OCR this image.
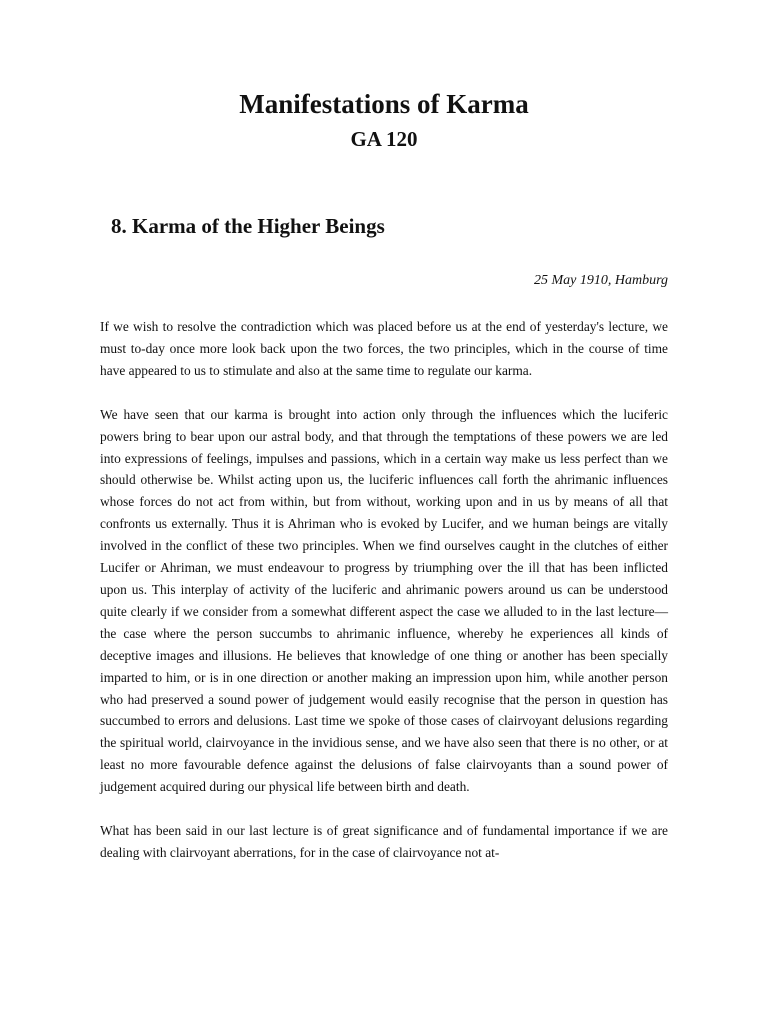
Manifestations of Karma
GA 120
8. Karma of the Higher Beings

25 May 1910, Hamburg

If we wish to resolve the contradiction which was placed before us at the end of yesterday's lecture, we must to-day once more look back upon the two forces, the two principles, which in the course of time have appeared to us to stimulate and also at the same time to regulate our karma.

We have seen that our karma is brought into action only through the influences which the luciferic powers bring to bear upon our astral body, and that through the temptations of these powers we are led into expressions of feelings, impulses and passions, which in a certain way make us less perfect than we should otherwise be. Whilst acting upon us, the luciferic influences call forth the ahrimanic influences whose forces do not act from within, but from without, working upon and in us by means of all that confronts us externally. Thus it is Ahriman who is evoked by Lucifer, and we human beings are vitally involved in the conflict of these two principles. When we find ourselves caught in the clutches of either Lucifer or Ahriman, we must endeavour to progress by triumphing over the ill that has been inflicted upon us. This interplay of activity of the luciferic and ahrimanic powers around us can be understood quite clearly if we consider from a somewhat different aspect the case we alluded to in the last lecture—the case where the person succumbs to ahrimanic influence, whereby he experiences all kinds of deceptive images and illusions. He believes that knowledge of one thing or another has been specially imparted to him, or is in one direction or another making an impression upon him, while another person who had preserved a sound power of judgement would easily recognise that the person in question has succumbed to errors and delusions. Last time we spoke of those cases of clairvoyant delusions regarding the spiritual world, clairvoyance in the invidious sense, and we have also seen that there is no other, or at least no more favourable defence against the delusions of false clairvoyants than a sound power of judgement acquired during our physical life between birth and death.

What has been said in our last lecture is of great significance and of fundamental importance if we are dealing with clairvoyant aberrations, for in the case of clairvoyance not at-
